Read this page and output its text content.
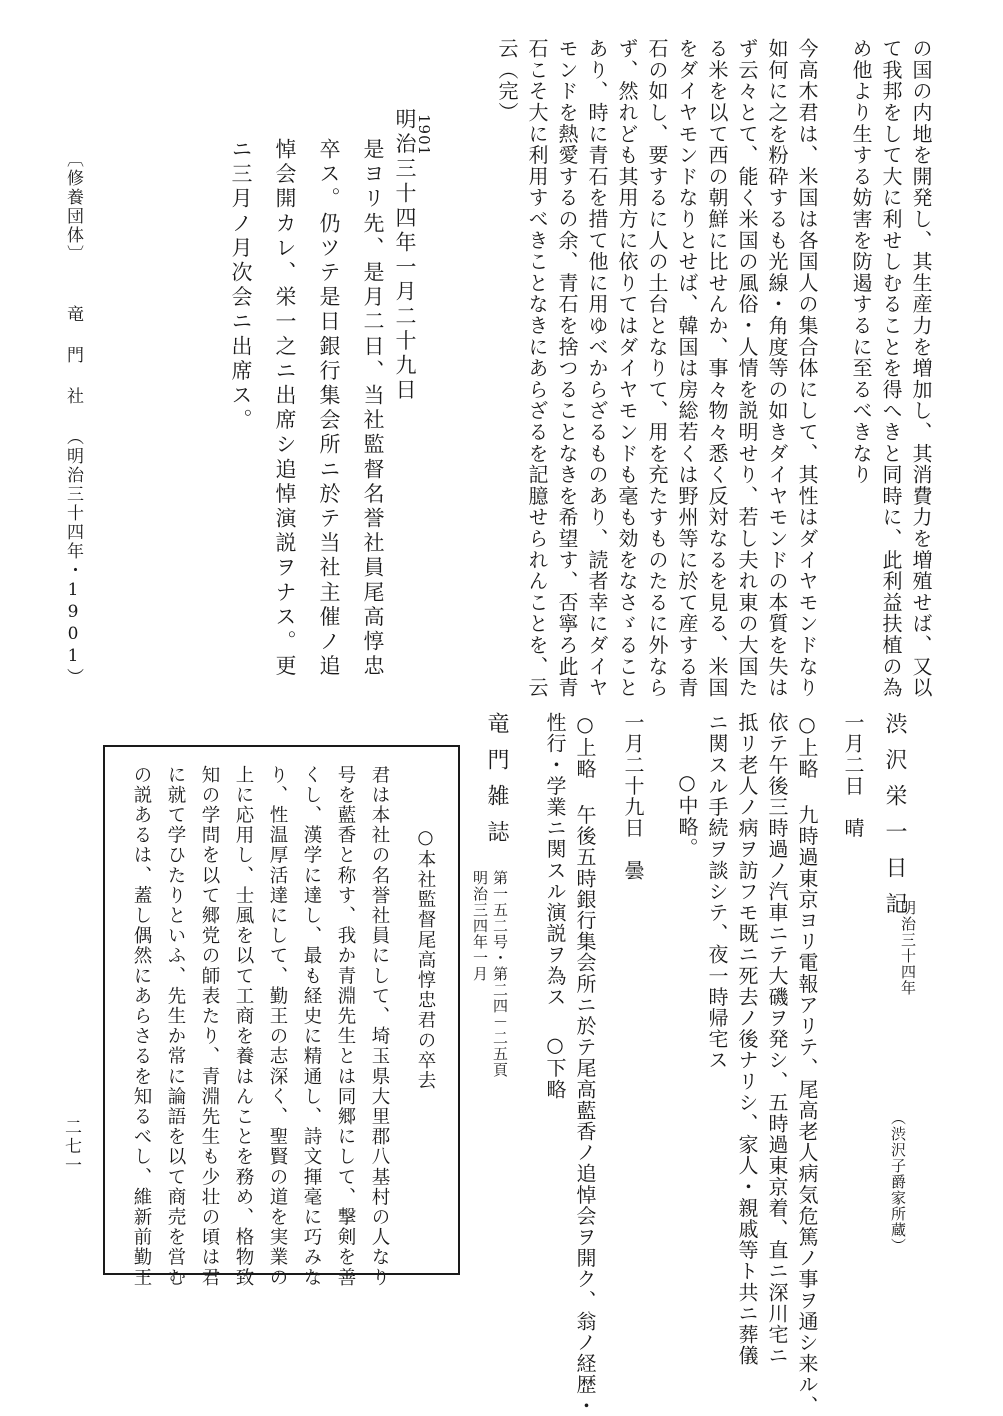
の国の内地を開発し、其生産力を増加し、其消費力を増殖せば、又以
て我邦をして大に利せしむることを得へきと同時に、此利益扶植の為
め他より生する妨害を防遏するに至るべきなり
今高木君は、米国は各国人の集合体にして、其性はダイヤモンドなり
如何に之を粉砕するも光線・角度等の如きダイヤモンドの本質を失は
ず云々とて、能く米国の風俗・人情を説明せり、若し夫れ東の大国た
る米を以て西の朝鮮に比せんか、事々物々悉く反対なるを見る、米国
をダイヤモンドなりとせば、韓国は房総若くは野州等に於て産する青
石の如し、要するに人の土台となりて、用を充たすものたるに外なら
ず、然れども其用方に依りてはダイヤモンドも毫も効をなさゞること
あり、時に青石を措て他に用ゆべからざるものあり、読者幸にダイヤ
モンドを熱愛するの余、青石を捨つることなきを希望す、否寧ろ此青
石こそ大に利用すべきことなきにあらざるを記臆せられんことを、云
云（完）
1901
明治三十四年一月二十九日
是ヨリ先、是月二日、当社監督名誉社員尾高惇忠
卒ス。仍ツテ是日銀行集会所ニ於テ当社主催ノ追
悼会開カレ、栄一之ニ出席シ追悼演説ヲナス。更
ニ三月ノ月次会ニ出席ス。
〔修養団体〕
竜 門 社 （明治三十四年・1901）
渋沢栄一日記
明治三十四年
（渋沢子爵家所蔵）
一月二日　晴
○上略 九時過東京ヨリ電報アリテ、尾高老人病気危篤ノ事ヲ通シ来ル、
依テ午後三時過ノ汽車ニテ大磯ヲ発シ、五時過東京着、直ニ深川宅ニ
抵リ老人ノ病ヲ訪フモ既ニ死去ノ後ナリシ、家人・親戚等ト共ニ葬儀
ニ関スル手続ヲ談シテ、夜一時帰宅ス
○中略。
一月二十九日　曇
○上略 午後五時銀行集会所ニ於テ尾高藍香ノ追悼会ヲ開ク、翁ノ経歴・
性行・学業ニ関スル演説ヲ為ス ○下略
竜門雑誌
第一五二号・第二四－二五頁
明治三四年一月
○本社監督尾高惇忠君の卒去
君は本社の名誉社員にして、埼玉県大里郡八基村の人なり
号を藍香と称す、我か青淵先生とは同郷にして、撃剣を善
くし、漢学に達し、最も経史に精通し、詩文揮毫に巧みな
り、性温厚活達にして、勤王の志深く、聖賢の道を実業の
上に応用し、士風を以て工商を養はんことを務め、格物致
知の学問を以て郷党の師表たり、青淵先生も少壮の頃は君
に就て学ひたりといふ、先生か常に論語を以て商売を営む
の説あるは、蓋し偶然にあらさるを知るべし、維新前勤王
二七一
